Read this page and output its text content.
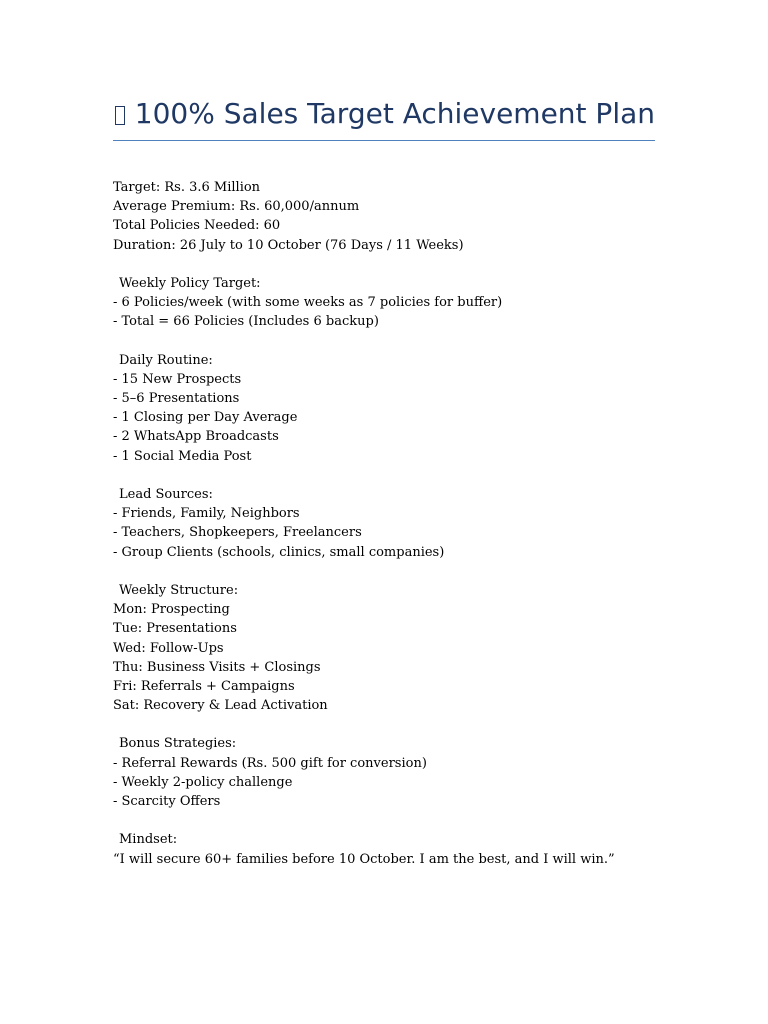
100% Sales Target Achievement Plan
Target: Rs. 3.6 Million
Average Premium: Rs. 60,000/annum
Total Policies Needed: 60
Duration: 26 July to 10 October (76 Days / 11 Weeks)
Weekly Policy Target:
- 6 Policies/week (with some weeks as 7 policies for buffer)
- Total = 66 Policies (Includes 6 backup)
Daily Routine:
- 15 New Prospects
- 5–6 Presentations
- 1 Closing per Day Average
- 2 WhatsApp Broadcasts
- 1 Social Media Post
Lead Sources:
- Friends, Family, Neighbors
- Teachers, Shopkeepers, Freelancers
- Group Clients (schools, clinics, small companies)
Weekly Structure:
Mon: Prospecting
Tue: Presentations
Wed: Follow-Ups
Thu: Business Visits + Closings
Fri: Referrals + Campaigns
Sat: Recovery & Lead Activation
Bonus Strategies:
- Referral Rewards (Rs. 500 gift for conversion)
- Weekly 2-policy challenge
- Scarcity Offers
Mindset:
“I will secure 60+ families before 10 October. I am the best, and I will win.”
